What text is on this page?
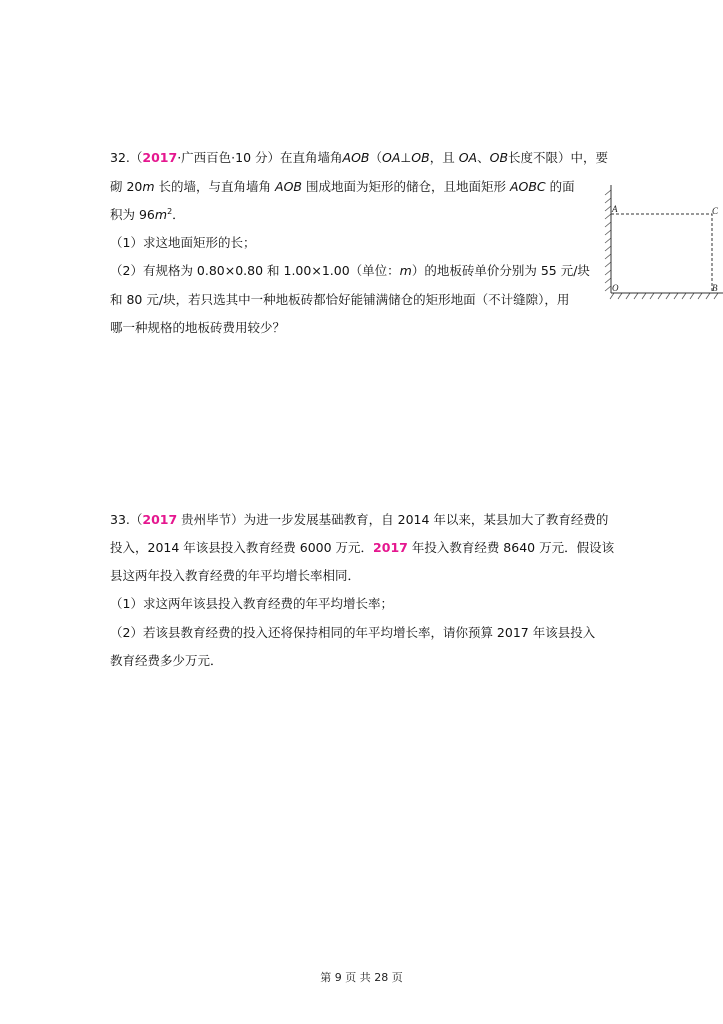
32.（2017·广西百色·10 分）在直角墙角AOB（OA⊥OB，且 OA、OB长度不限）中，要
砌 20m 长的墙，与直角墙角 AOB 围成地面为矩形的储仓，且地面矩形 AOBC 的面
积为 $96m^2$．
（1）求这地面矩形的长；
（2）有规格为 0.80×0.80 和 1.00×1.00（单位：m）的地板砖单价分别为 55 元/块
和 80 元/块，若只选其中一种地板砖都恰好能铺满储仓的矩形地面（不计缝隙），用
哪一种规格的地板砖费用较少？
A	C
O	B
33.（2017 贵州毕节）为进一步发展基础教育，自 2014 年以来，某县加大了教育经费的
投入，2014 年该县投入教育经费 6000 万元．2017 年投入教育经费 8640 万元．假设该
县这两年投入教育经费的年平均增长率相同．
（1）求这两年该县投入教育经费的年平均增长率；
（2）若该县教育经费的投入还将保持相同的年平均增长率，请你预算 2017 年该县投入
教育经费多少万元．
第 9 页 共 28 页
